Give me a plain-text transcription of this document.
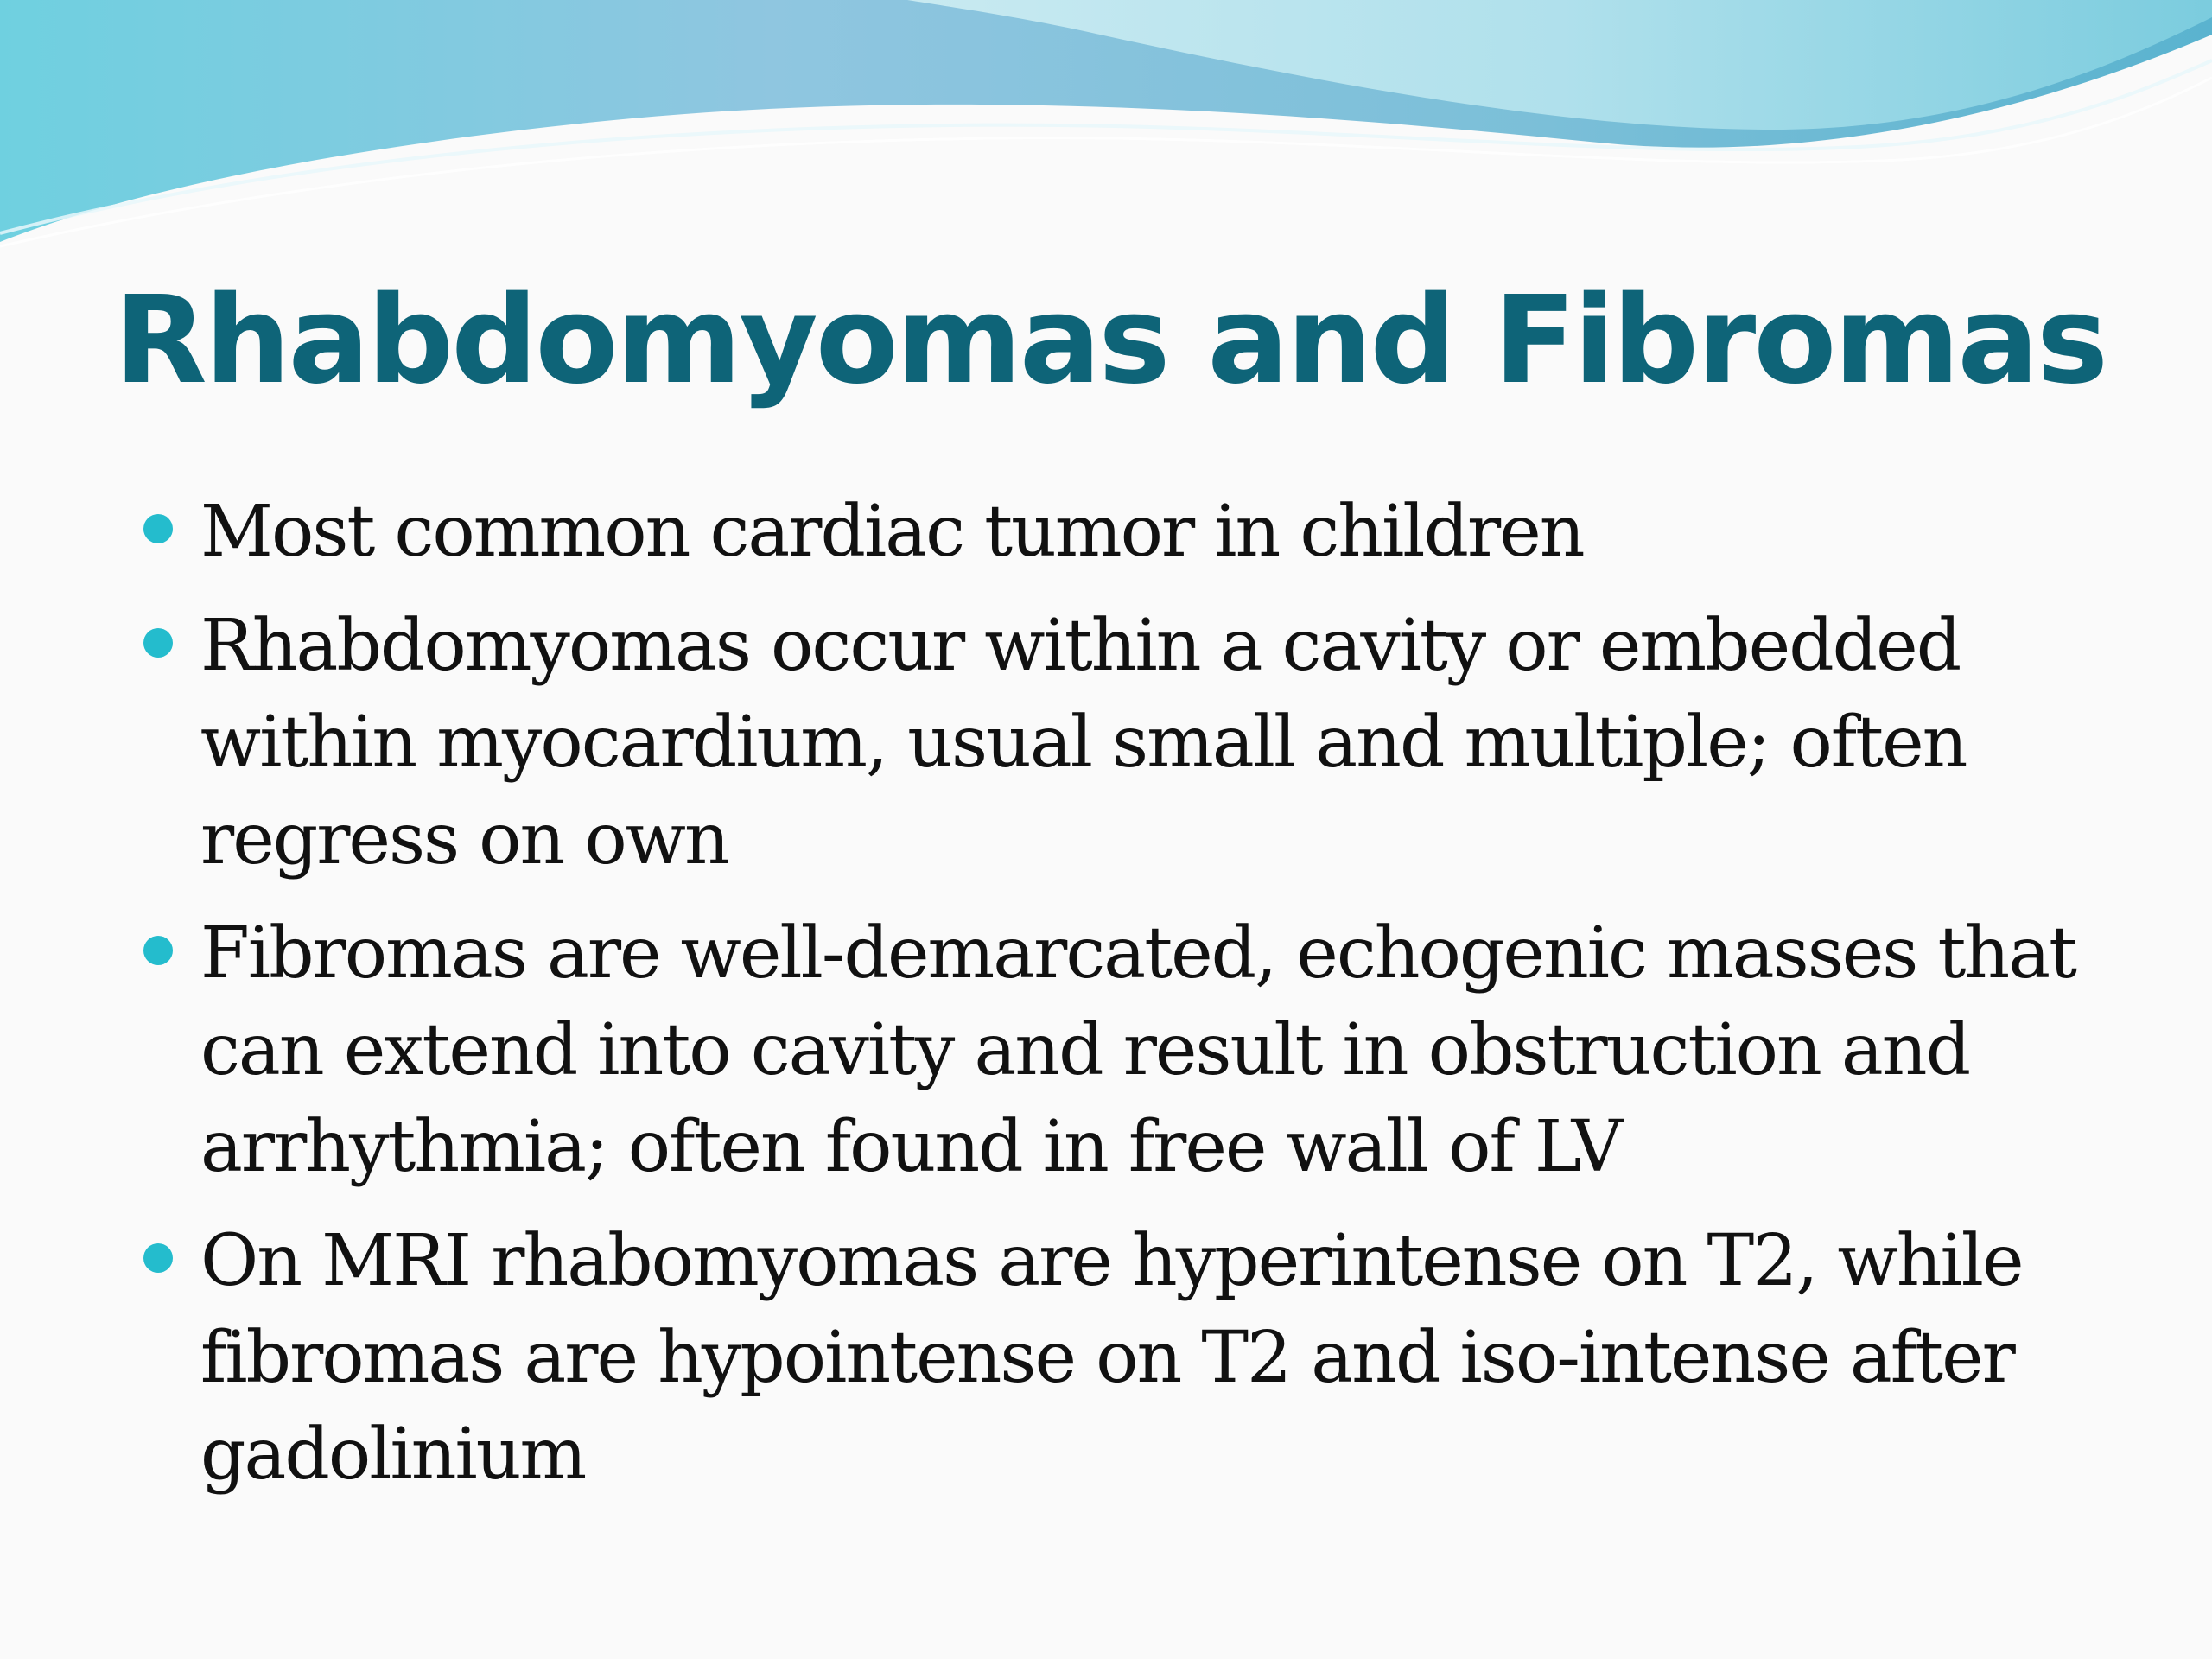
Rhabdomyomas and Fibromas
Most common cardiac tumor in children
Rhabdomyomas occur within a cavity or embedded within myocardium, usual small and multiple; often regress on own
Fibromas are well-demarcated, echogenic masses that can extend into cavity and result in obstruction and arrhythmia; often found in free wall of LV
On MRI rhabomyomas are hyperintense on T2, while fibromas are hypointense on T2 and iso-intense after gadolinium
